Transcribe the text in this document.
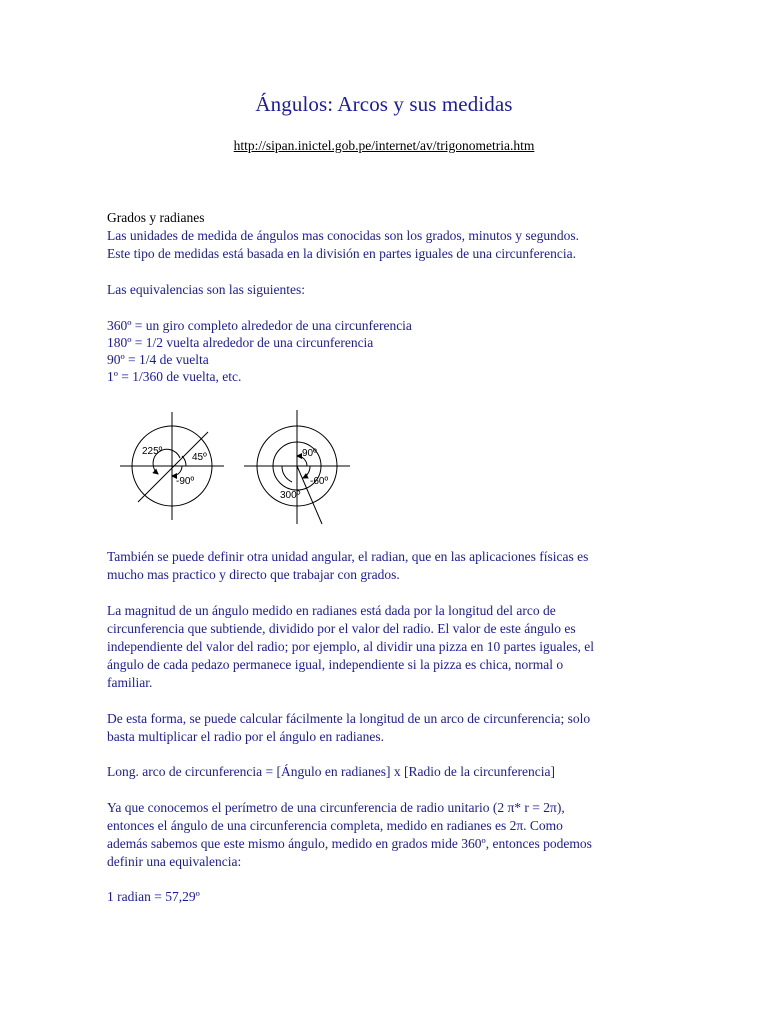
Ángulos: Arcos y sus medidas
http://sipan.inictel.gob.pe/internet/av/trigonometria.htm
Grados y radianes
Las unidades de medida de ángulos mas conocidas son los grados, minutos y segundos.
Este tipo de medidas está basada en la división en partes iguales de una circunferencia.
Las equivalencias son las siguientes:
360º = un giro completo alrededor de una circunferencia
180º = 1/2 vuelta alrededor de una circunferencia
90º = 1/4 de vuelta
1º = 1/360 de vuelta, etc.
225º
45º
-90º
90º
-60º
300º
También se puede definir otra unidad angular, el radian, que en las aplicaciones físicas es
mucho mas practico y directo que trabajar con grados.
La magnitud de un ángulo medido en radianes está dada por la longitud del arco de
circunferencia que subtiende, dividido por el valor del radio. El valor de este ángulo es
independiente del valor del radio; por ejemplo, al dividir una pizza en 10 partes iguales, el
ángulo de cada pedazo permanece igual, independiente si la pizza es chica, normal o
familiar.
De esta forma, se puede calcular fácilmente la longitud de un arco de circunferencia; solo
basta multiplicar el radio por el ángulo en radianes.
Long. arco de circunferencia = [Ángulo en radianes] x [Radio de la circunferencia]
Ya que conocemos el perímetro de una circunferencia de radio unitario (2 π* r = 2π),
entonces el ángulo de una circunferencia completa, medido en radianes es 2π. Como
además sabemos que este mismo ángulo, medido en grados mide 360º, entonces podemos
definir una equivalencia:
1 radian = 57,29º
